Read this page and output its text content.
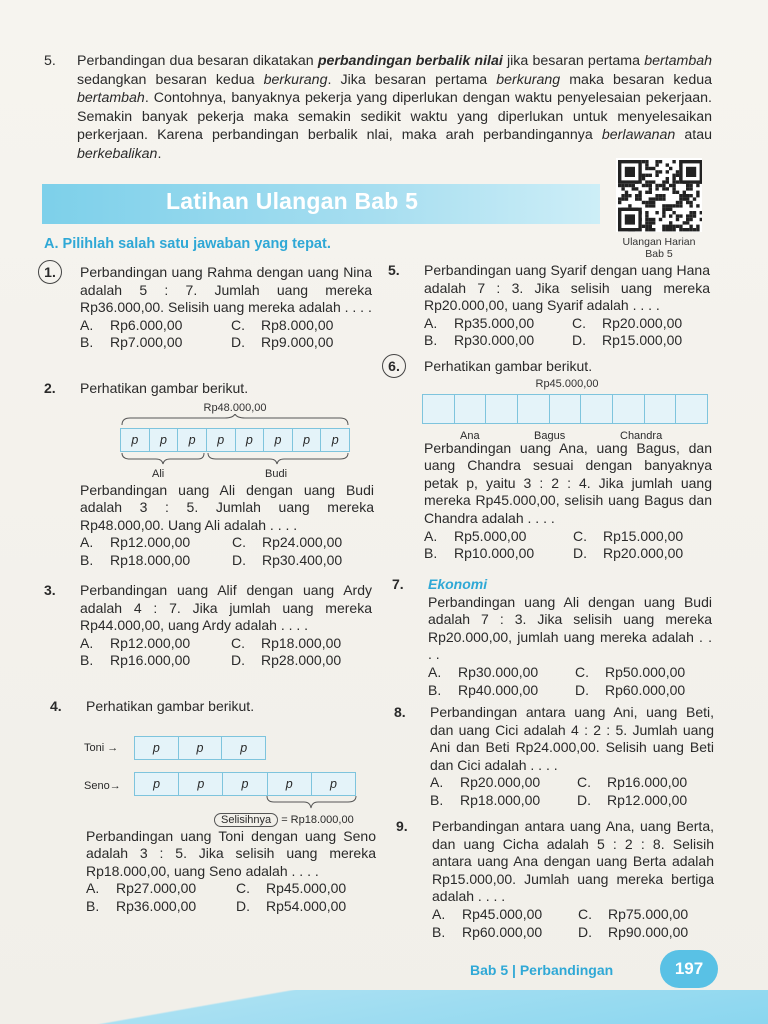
5. Perbandingan dua besaran dikatakan perbandingan berbalik nilai jika besaran pertama bertambah sedangkan besaran kedua berkurang. Jika besaran pertama berkurang maka besaran kedua bertambah. Contohnya, banyaknya pekerja yang diperlukan dengan waktu penyelesaian pekerjaan. Semakin banyak pekerja maka semakin sedikit waktu yang diperlukan untuk menyelesaikan perkerjaan. Karena perbandingan berbalik nlai, maka arah perbandingannya berlawanan atau berkebalikan.
Latihan Ulangan Bab 5
Ulangan Harian
Bab 5
A. Pilihlah salah satu jawaban yang tepat.
1.	Perbandingan uang Rahma dengan uang Nina adalah 5 : 7. Jumlah uang mereka Rp36.000,00. Selisih uang mereka adalah . . . .
A. Rp6.000,00	C. Rp8.000,00
B. Rp7.000,00	D. Rp9.000,00
2. Perhatikan gambar berikut.
Rp48.000,00
p	p	p	p	p	p	p	p
Ali	Budi
Perbandingan uang Ali dengan uang Budi adalah 3 : 5. Jumlah uang mereka Rp48.000,00. Uang Ali adalah . . . .
A. Rp12.000,00	C. Rp24.000,00
B. Rp18.000,00	D. Rp30.400,00
3. Perbandingan uang Alif dengan uang Ardy adalah 4 : 7. Jika jumlah uang mereka Rp44.000,00, uang Ardy adalah . . . .
A. Rp12.000,00	C. Rp18.000,00
B. Rp16.000,00	D. Rp28.000,00
4. Perhatikan gambar berikut.
Toni →	p	p	p
Seno→	p	p	p	p	p
Selisihnya = Rp18.000,00
Perbandingan uang Toni dengan uang Seno adalah 3 : 5. Jika selisih uang mereka Rp18.000,00, uang Seno adalah . . . .
A. Rp27.000,00	C. Rp45.000,00
B. Rp36.000,00	D. Rp54.000,00
5. Perbandingan uang Syarif dengan uang Hana adalah 7 : 3. Jika selisih uang mereka Rp20.000,00, uang Syarif adalah . . . .
A. Rp35.000,00	C. Rp20.000,00
B. Rp30.000,00	D. Rp15.000,00
6.	Perhatikan gambar berikut.
Rp45.000,00
Ana	Bagus	Chandra
Perbandingan uang Ana, uang Bagus, dan uang Chandra sesuai dengan banyaknya petak p, yaitu 3 : 2 : 4. Jika jumlah uang mereka Rp45.000,00, selisih uang Bagus dan Chandra adalah . . . .
A. Rp5.000,00	C. Rp15.000,00
B. Rp10.000,00	D. Rp20.000,00
7. Ekonomi
Perbandingan uang Ali dengan uang Budi adalah 7 : 3. Jika selisih uang mereka Rp20.000,00, jumlah uang mereka adalah . . . .
A. Rp30.000,00	C. Rp50.000,00
B. Rp40.000,00	D. Rp60.000,00
8. Perbandingan antara uang Ani, uang Beti, dan uang Cici adalah 4 : 2 : 5. Jumlah uang Ani dan Beti Rp24.000,00. Selisih uang Beti dan Cici adalah . . . .
A. Rp20.000,00	C. Rp16.000,00
B. Rp18.000,00	D. Rp12.000,00
9. Perbandingan antara uang Ana, uang Berta, dan uang Cicha adalah 5 : 2 : 8. Selisih antara uang Ana dengan uang Berta adalah Rp15.000,00. Jumlah uang mereka bertiga adalah . . . .
A. Rp45.000,00	C. Rp75.000,00
B. Rp60.000,00	D. Rp90.000,00
Bab 5 | Perbandingan	197
